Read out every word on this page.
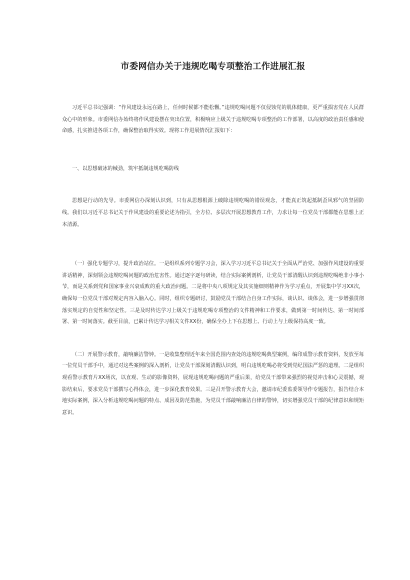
市委网信办关于违规吃喝专项整治工作进展汇报

习近平总书记强调：“作风建设永远在路上，任何时候都不能松懈。”违规吃喝问题不仅侵蚀党的肌体健康，更严重损害党在人民群众心中的形象。市委网信办始终将作风建设摆在突出位置，积极响应上级关于违规吃喝专项整治的工作部署，以高度的政治责任感和使命感，扎实推进各项工作，确保整治取得实效。现将工作进展情况汇报如下：

一、以思想破冰的械劲，筑牢抵制违规吃喝防线

思想是行动的先导。市委网信办深刻认识到，只有从思想根源上破除违规吃喝的错误观念，才能真正筑起抵制歪风邪气的坚固防线。我们以习近平总书记关于作风建设的重要论述为指引，全方位、多层次开展思想教育工作，力求让每一位党员干部都能在思想上正本清源。

（一）强化专题学习，提升政治站位。一是组织系列专题学习会，深入学习习近平总书记关于全面从严治党、加强作风建设的重要讲话精神，深刻领会违规吃喝问题的政治危害性。通过逐字逐句研读，结合实际案例剖析，让党员干部清醒认识到违规吃喝绝非小事小节，而是关系到党和国家事业兴衰成败的重大政治问题。二是将中央八项规定及其实施细则精神作为学习重点，开展集中学习XX次，确保每一位党员干部对规定内容入脑入心。同时，组织专题研讨，鼓励党员干部结合自身工作实际，谈认识、谈体会，进一步增强贯彻落实规定的自觉性和坚定性。三是及时传达学习上级关于违规吃喝专项整治的文件精神和工作要求，做到第一时间传达、第一时间部署、第一时间落实。截至目前，已累计传达学习相关文件XX份，确保全办上下在思想上、行动上与上级保持高度一致。

（二）开展警示教育，敲响廉洁警钟。一是收集整理近年来全国范围内查处的违规吃喝典型案例，编印成警示教育资料，发放至每一位党员干部手中，通过对这些案例的深入剖析，让党员干部深刻清醒认识到，明白违规吃喝必将受到党纪国法严惩的道理。二是组织观看警示教育片XX场次，以直观、生动的影像资料，展现违规吃喝问题的严重后果，给党员干部带来强烈的视觉冲击和心灵震撼，观影结束后，要求党员干部撰写心得体会，进一步深化教育效果。三是召开警示教育大会，邀请市纪委监委领导作专题报告，报告结合本地实际案例，深入分析违规吃喝问题的特点、成因及防范措施，为党员干部敲响廉洁自律的警钟，切实增强党员干部的纪律意识和规矩意识。
